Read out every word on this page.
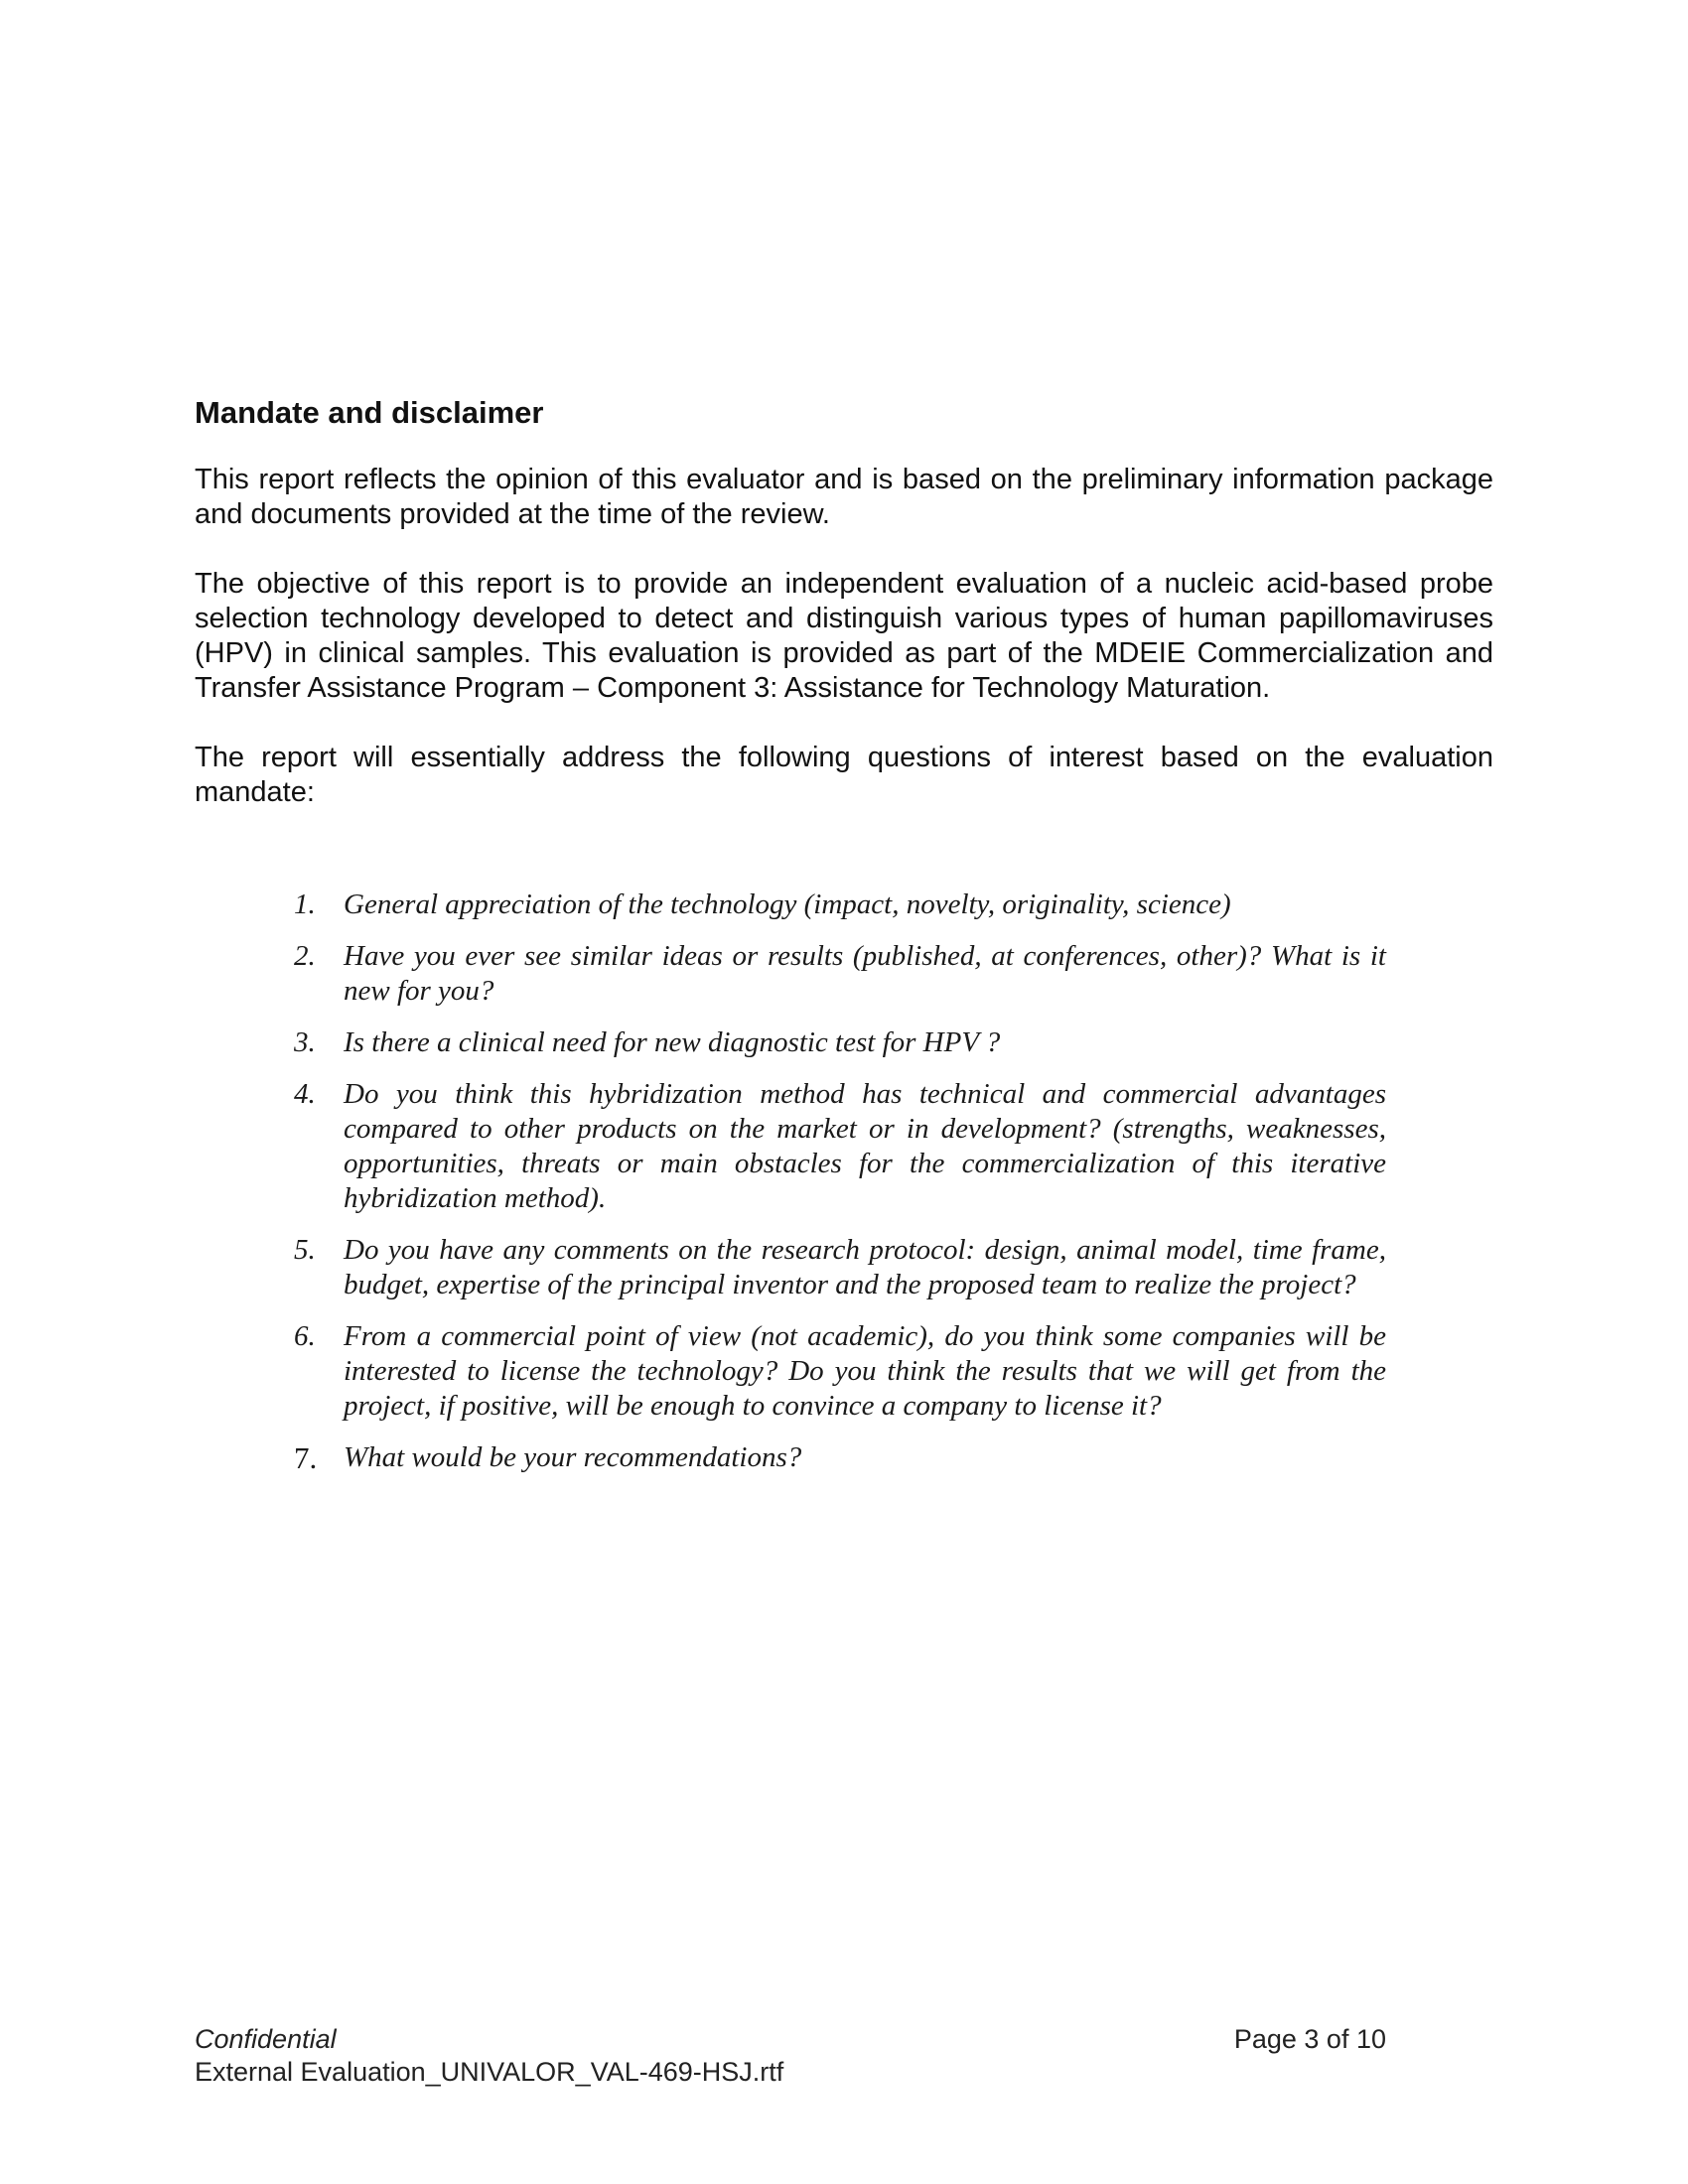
Mandate and disclaimer

This report reflects the opinion of this evaluator and is based on the preliminary information package and documents provided at the time of the review.

The objective of this report is to provide an independent evaluation of a nucleic acid-based probe selection technology developed to detect and distinguish various types of human papillomaviruses (HPV) in clinical samples. This evaluation is provided as part of the MDEIE Commercialization and Transfer Assistance Program – Component 3: Assistance for Technology Maturation.

The report will essentially address the following questions of interest based on the evaluation mandate:

1. General appreciation of the technology (impact, novelty, originality, science)
2. Have you ever see similar ideas or results (published, at conferences, other)? What is it new for you?
3. Is there a clinical need for new diagnostic test for HPV ?
4. Do you think this hybridization method has technical and commercial advantages compared to other products on the market or in development? (strengths, weaknesses, opportunities, threats or main obstacles for the commercialization of this iterative hybridization method).
5. Do you have any comments on the research protocol: design, animal model, time frame, budget, expertise of the principal inventor and the proposed team to realize the project?
6. From a commercial point of view (not academic), do you think some companies will be interested to license the technology? Do you think the results that we will get from the project, if positive, will be enough to convince a company to license it?
7. What would be your recommendations?
Confidential	Page 3 of 10
External Evaluation_UNIVALOR_VAL-469-HSJ.rtf
